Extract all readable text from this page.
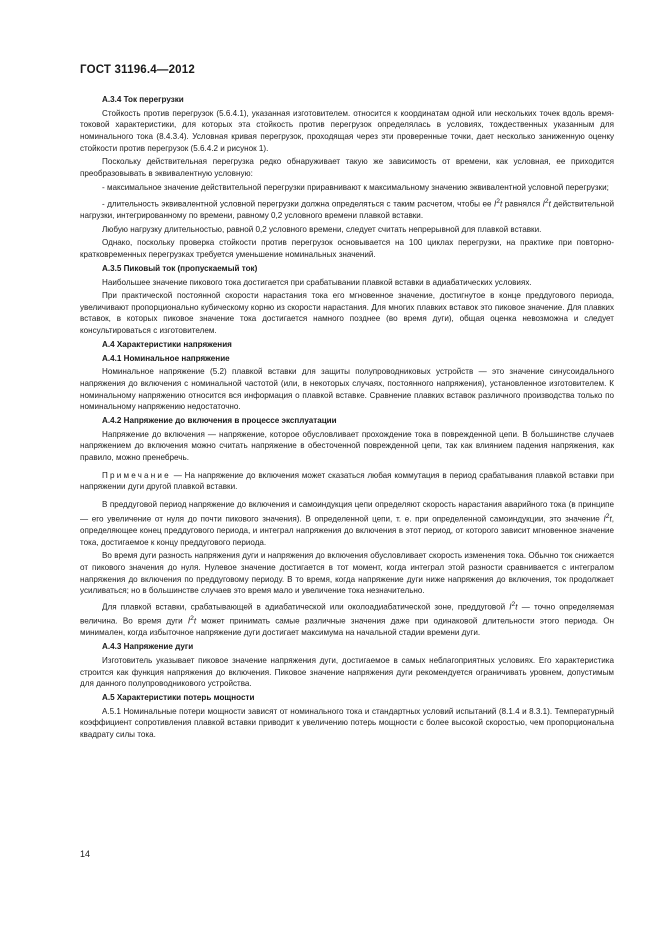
ГОСТ 31196.4—2012
А.3.4 Ток перегрузки

Стойкость против перегрузок (5.6.4.1), указанная изготовителем. относится к координатам одной или нескольких точек вдоль время-токовой характеристики, для которых эта стойкость против перегрузок определялась в условиях, тождественных указанным для номинального тока (8.4.3.4). Условная кривая перегрузок, проходящая через эти проверенные точки, дает несколько заниженную оценку стойкости против перегрузок (5.6.4.2 и рисунок 1).

Поскольку действительная перегрузка редко обнаруживает такую же зависимость от времени, как условная, ее приходится преобразовывать в эквивалентную условную:

- максимальное значение действительной перегрузки приравнивают к максимальному значению эквивалентной условной перегрузки;

- длительность эквивалентной условной перегрузки должна определяться с таким расчетом, чтобы ее $I^2t$ равнялся $I^2t$ действительной нагрузки, интегрированному по времени, равному 0,2 условного времени плавкой вставки.

Любую нагрузку длительностью, равной 0,2 условного времени, следует считать непрерывной для плавкой вставки.

Однако, поскольку проверка стойкости против перегрузок основывается на 100 циклах перегрузки, на практике при повторно-кратковременных перегрузках требуется уменьшение номинальных значений.

А.3.5 Пиковый ток (пропускаемый ток)

Наибольшее значение пикового тока достигается при срабатывании плавкой вставки в адиабатических условиях.

При практической постоянной скорости нарастания тока его мгновенное значение, достигнутое в конце преддугового периода, увеличивают пропорционально кубическому корню из скорости нарастания. Для многих плавких вставок это пиковое значение. Для плавких вставок, в которых пиковое значение тока достигается намного позднее (во время дуги), общая оценка невозможна и следует консультироваться с изготовителем.

А.4 Характеристики напряжения
А.4.1 Номинальное напряжение

Номинальное напряжение (5.2) плавкой вставки для защиты полупроводниковых устройств — это значение синусоидального напряжения до включения с номинальной частотой (или, в некоторых случаях, постоянного напряжения), установленное изготовителем. К номинальному напряжению относится вся информация о плавкой вставке. Сравнение плавких вставок различного производства только по номинальному напряжению недостаточно.

А.4.2 Напряжение до включения в процессе эксплуатации

Напряжение до включения — напряжение, которое обусловливает прохождение тока в поврежденной цепи. В большинстве случаев напряжением до включения можно считать напряжение в обесточенной поврежденной цепи, так как влиянием падения напряжения, как правило, можно пренебречь.

Примечание — На напряжение до включения может сказаться любая коммутация в период срабатывания плавкой вставки при напряжении дуги другой плавкой вставки.

В преддуговой период напряжение до включения и самоиндукция цепи определяют скорость нарастания аварийного тока (в принципе — его увеличение от нуля до почти пикового значения). В определенной цепи, т. е. при определенной самоиндукции, это значение $I^2t$, определяющее конец преддугового периода, и интеграл напряжения до включения в этот период, от которого зависит мгновенное значение тока, достигаемое к концу преддугового периода.

Во время дуги разность напряжения дуги и напряжения до включения обусловливает скорость изменения тока. Обычно ток снижается от пикового значения до нуля. Нулевое значение достигается в тот момент, когда интеграл этой разности сравнивается с интегралом напряжения до включения по преддуговому периоду. В то время, когда напряжение дуги ниже напряжения до включения, ток продолжает усиливаться; но в большинстве случаев это время мало и увеличение тока незначительно.

Для плавкой вставки, срабатывающей в адиабатической или околоадиабатической зоне, преддуговой $I^2t$ — точно определяемая величина. Во время дуги $I^2t$ может принимать самые различные значения даже при одинаковой длительности этого периода. Он минимален, когда избыточное напряжение дуги достигает максимума на начальной стадии времени дуги.

А.4.3 Напряжение дуги

Изготовитель указывает пиковое значение напряжения дуги, достигаемое в самых неблагоприятных условиях. Его характеристика строится как функция напряжения до включения. Пиковое значение напряжения дуги рекомендуется ограничивать уровнем, допустимым для данного полупроводникового устройства.

А.5 Характеристики потерь мощности

А.5.1 Номинальные потери мощности зависят от номинального тока и стандартных условий испытаний (8.1.4 и 8.3.1). Температурный коэффициент сопротивления плавкой вставки приводит к увеличению потерь мощности с более высокой скоростью, чем пропорциональна квадрату силы тока.

14
